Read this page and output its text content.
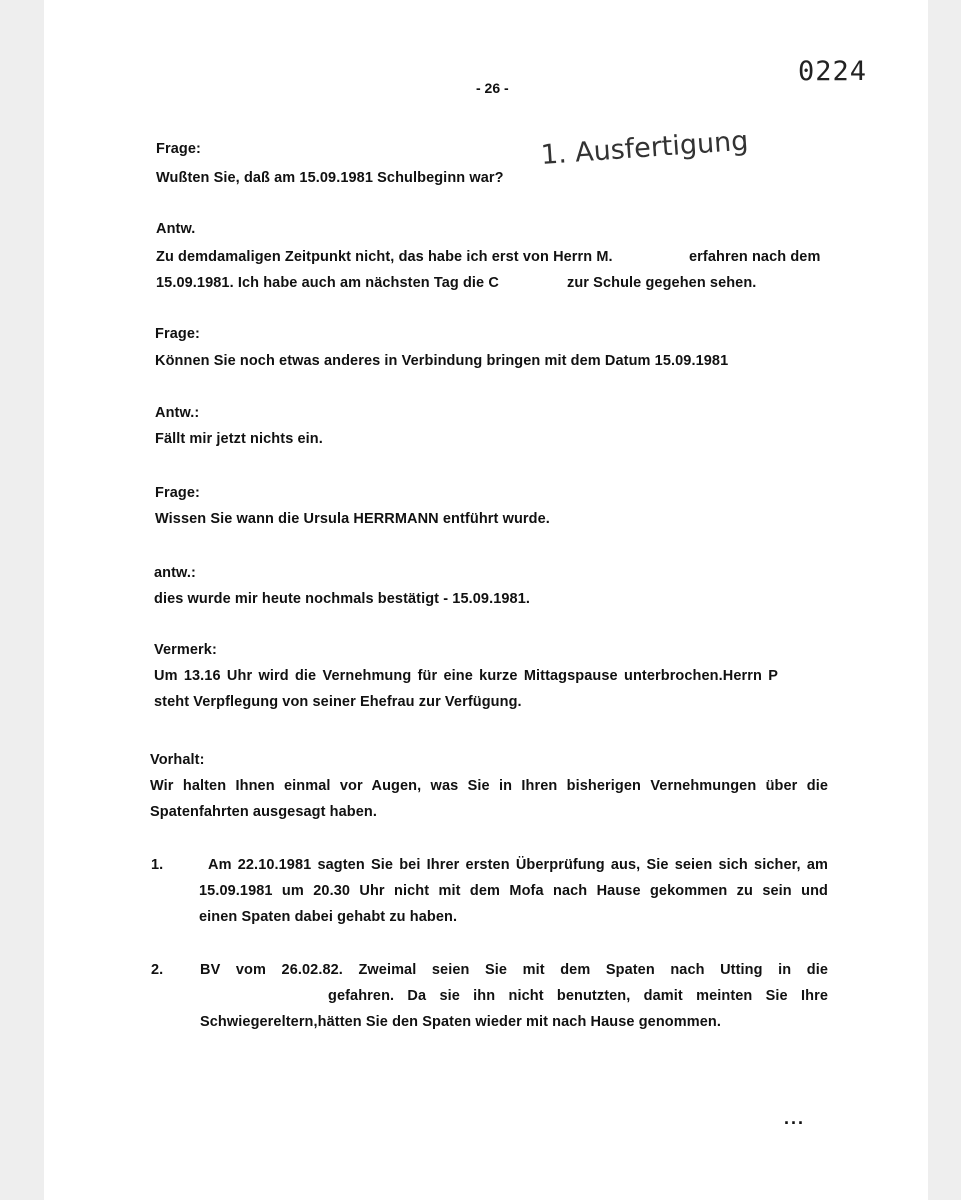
- 26 -
0224
1. Ausfertigung
Frage:
Wußten Sie, daß am 15.09.1981 Schulbeginn war?
Antw.
Zu demdamaligen Zeitpunkt nicht, das habe ich erst von Herrn M.	erfahren nach dem
15.09.1981. Ich habe auch am nächsten Tag die C	zur Schule gegehen sehen.
Frage:
Können Sie noch etwas anderes in Verbindung bringen mit dem Datum 15.09.1981
Antw.:
Fällt mir jetzt nichts ein.
Frage:
Wissen Sie wann die Ursula HERRMANN entführt wurde.
antw.:
dies wurde mir heute nochmals bestätigt - 15.09.1981.
Vermerk:
Um 13.16 Uhr wird die Vernehmung für eine kurze Mittagspause unterbrochen.Herrn P
steht Verpflegung von seiner Ehefrau zur Verfügung.
Vorhalt:
Wir halten Ihnen einmal vor Augen, was Sie in Ihren bisherigen Vernehmungen über die
Spatenfahrten ausgesagt haben.
1.	Am 22.10.1981 sagten Sie bei Ihrer ersten Überprüfung aus, Sie seien sich sicher, am
15.09.1981 um 20.30 Uhr nicht mit dem Mofa nach Hause gekommen zu sein und
einen Spaten dabei gehabt zu haben.
2.	BV vom 26.02.82. Zweimal seien Sie mit dem Spaten nach Utting in die
gefahren. Da sie ihn nicht benutzten, damit meinten Sie Ihre
Schwiegereltern,hätten Sie den Spaten wieder mit nach Hause genommen.
...
